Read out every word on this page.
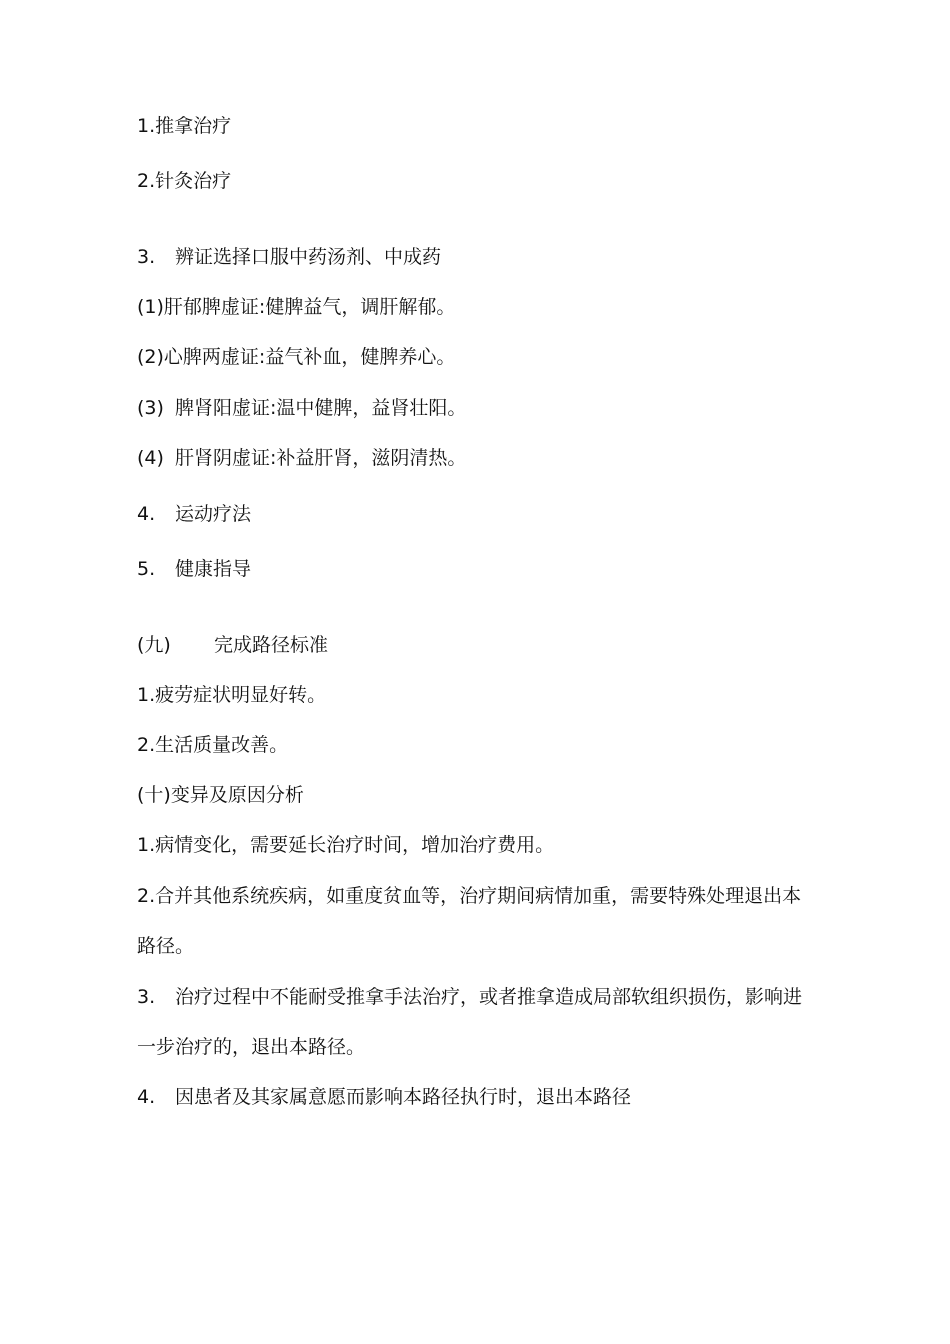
1.推拿治疗
2.针灸治疗
3. 辨证选择口服中药汤剂、中成药
(1)肝郁脾虚证:健脾益气，调肝解郁。
(2)心脾两虚证:益气补血，健脾养心。
(3) 脾肾阳虚证:温中健脾，益肾壮阳。
(4) 肝肾阴虚证:补益肝肾，滋阴清热。
4. 运动疗法
5. 健康指导
(九) 完成路径标准
1.疲劳症状明显好转。
2.生活质量改善。
(十)变异及原因分析
1.病情变化，需要延长治疗时间，增加治疗费用。
2.合并其他系统疾病，如重度贫血等，治疗期间病情加重，需要特殊处理退出本
路径。
3. 治疗过程中不能耐受推拿手法治疗，或者推拿造成局部软组织损伤，影响进
一步治疗的，退出本路径。
4. 因患者及其家属意愿而影响本路径执行时，退出本路径
